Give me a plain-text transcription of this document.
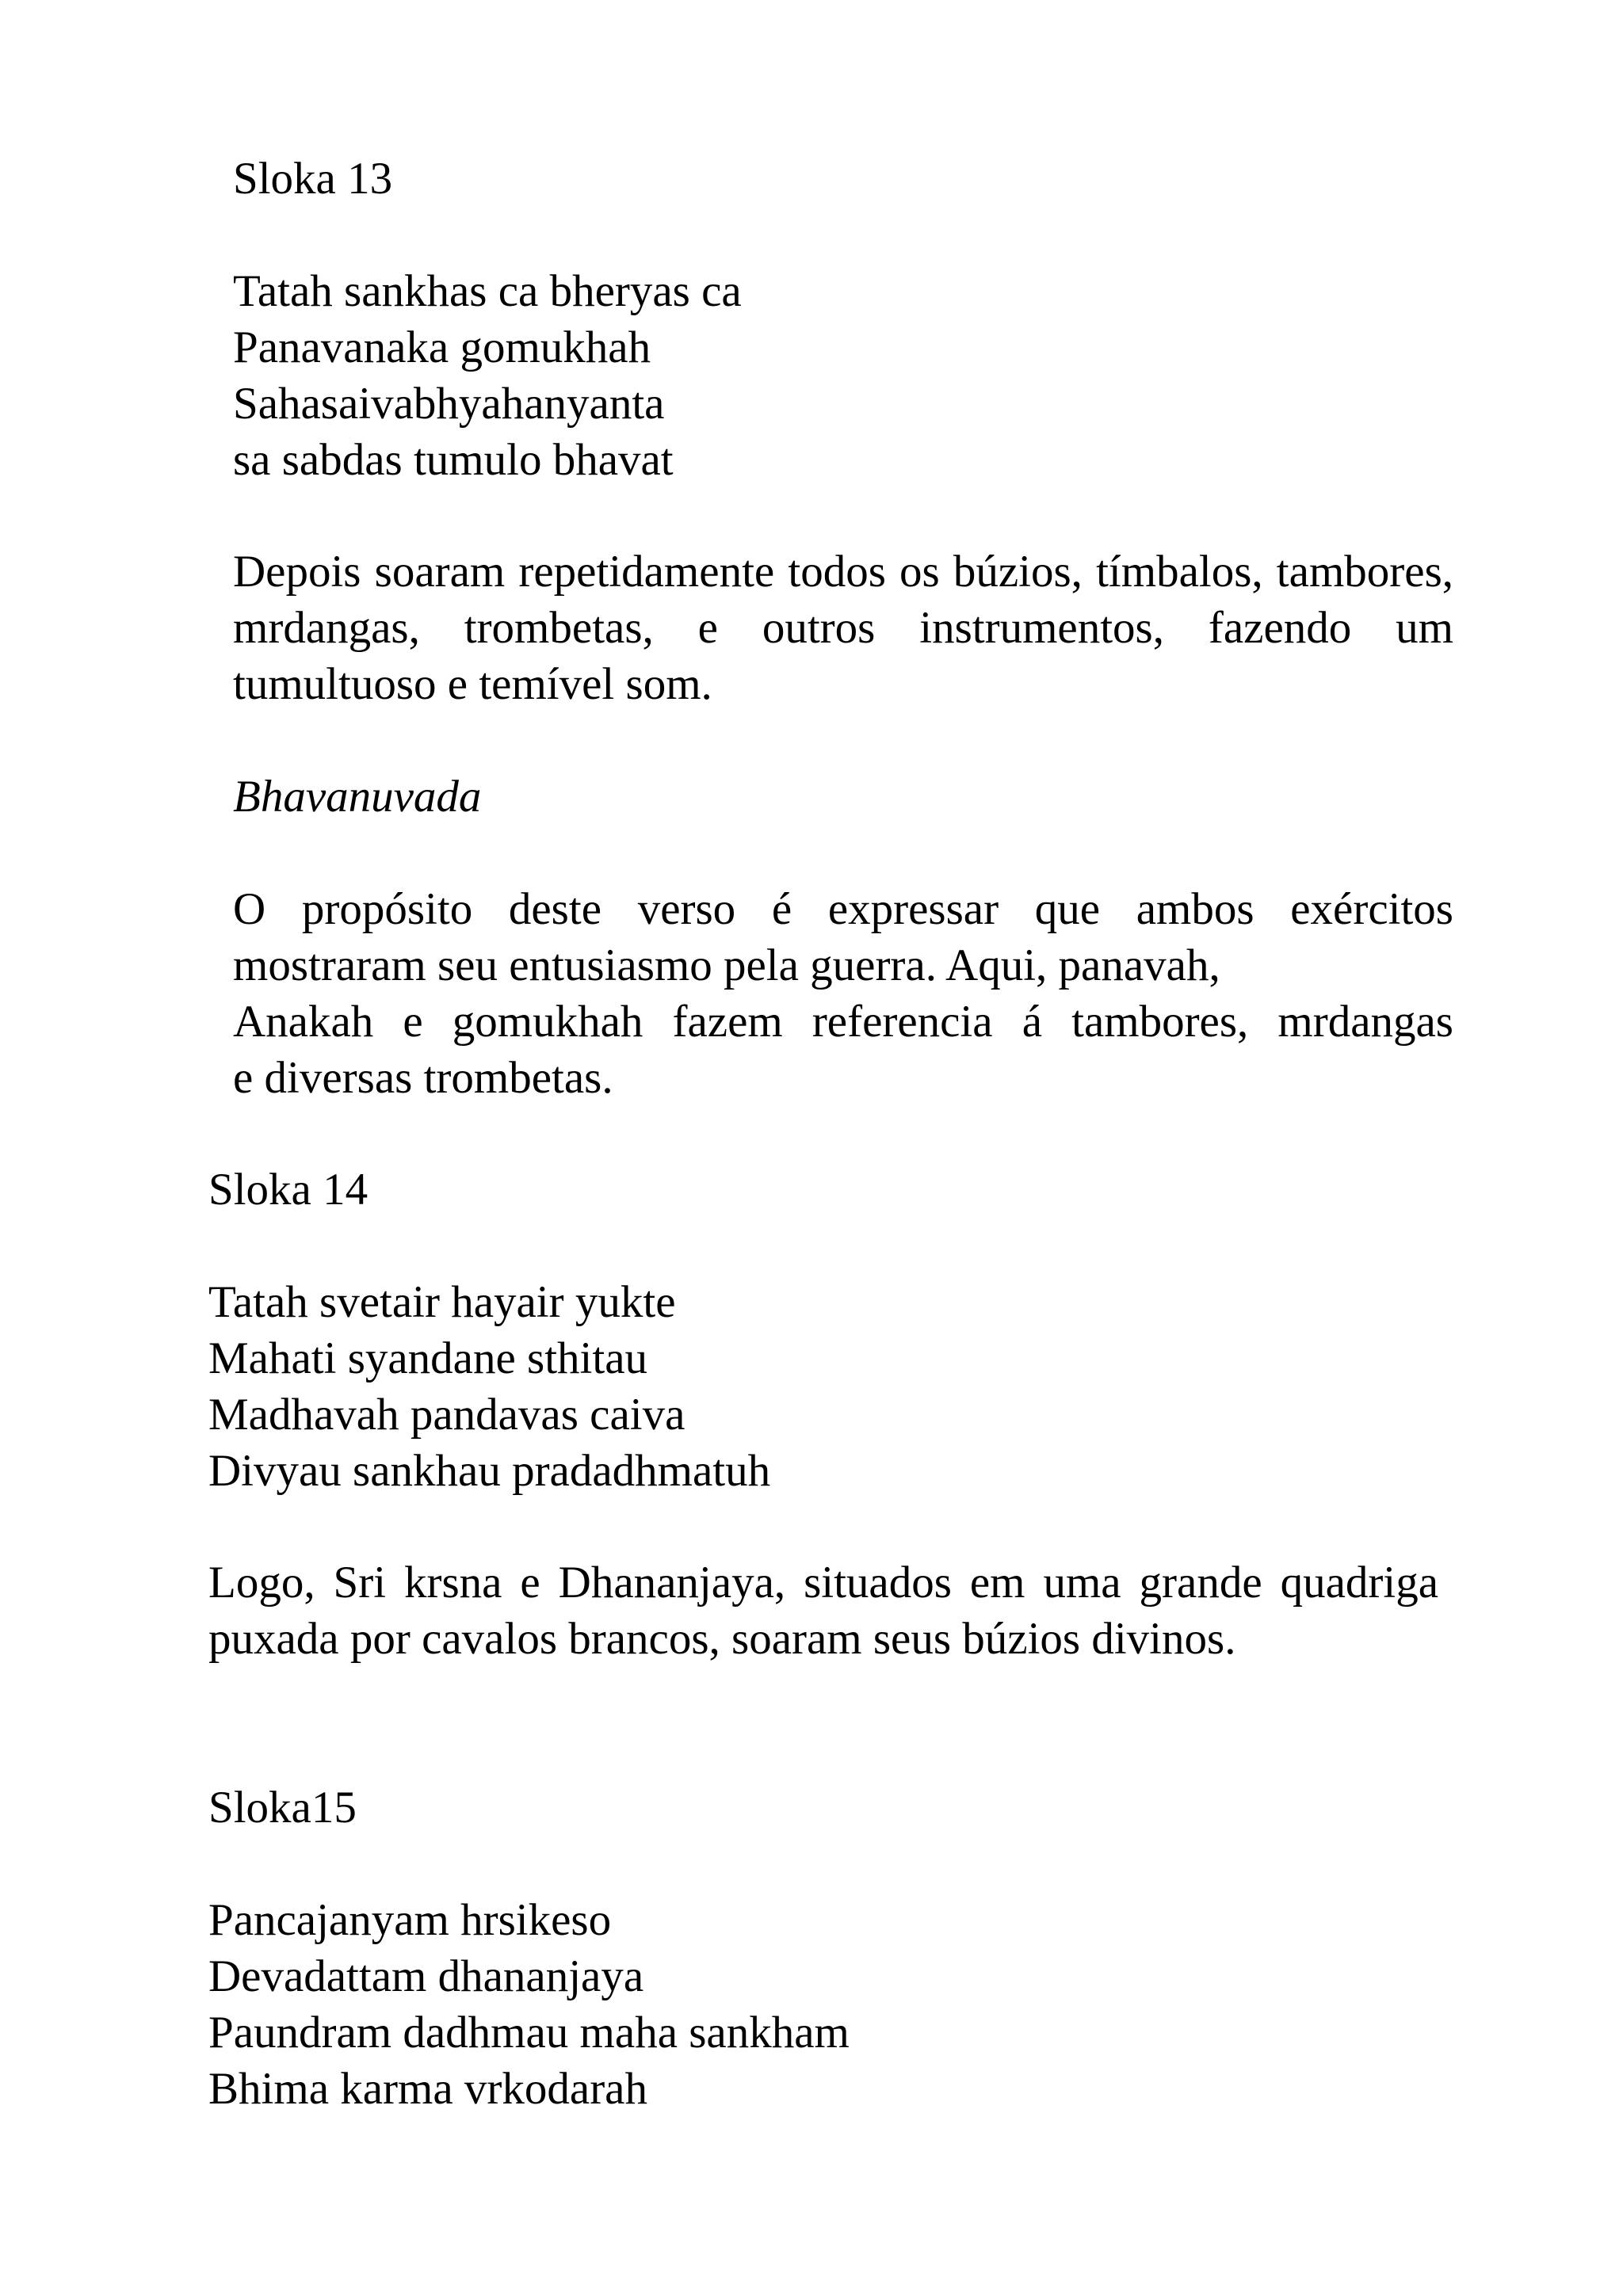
Sloka 13
Tatah sankhas ca bheryas ca
Panavanaka gomukhah
Sahasaivabhyahanyanta
sa sabdas tumulo bhavat
Depois soaram repetidamente todos os búzios, tímbalos, tambores, mrdangas, trombetas, e outros instrumentos, fazendo um tumultuoso e temível som.
Bhavanuvada
O propósito deste verso é expressar que ambos exércitos
mostraram seu entusiasmo pela guerra. Aqui, panavah,
Anakah e gomukhah fazem referencia á tambores, mrdangas
e diversas trombetas.
Sloka 14
Tatah svetair hayair yukte
Mahati syandane sthitau
Madhavah pandavas caiva
Divyau sankhau pradadhmatuh
Logo, Sri krsna e Dhananjaya, situados em uma grande quadriga puxada por cavalos brancos, soaram seus búzios divinos.
Sloka15
Pancajanyam hrsikeso
Devadattam dhananjaya
Paundram dadhmau maha sankham
Bhima karma vrkodarah
